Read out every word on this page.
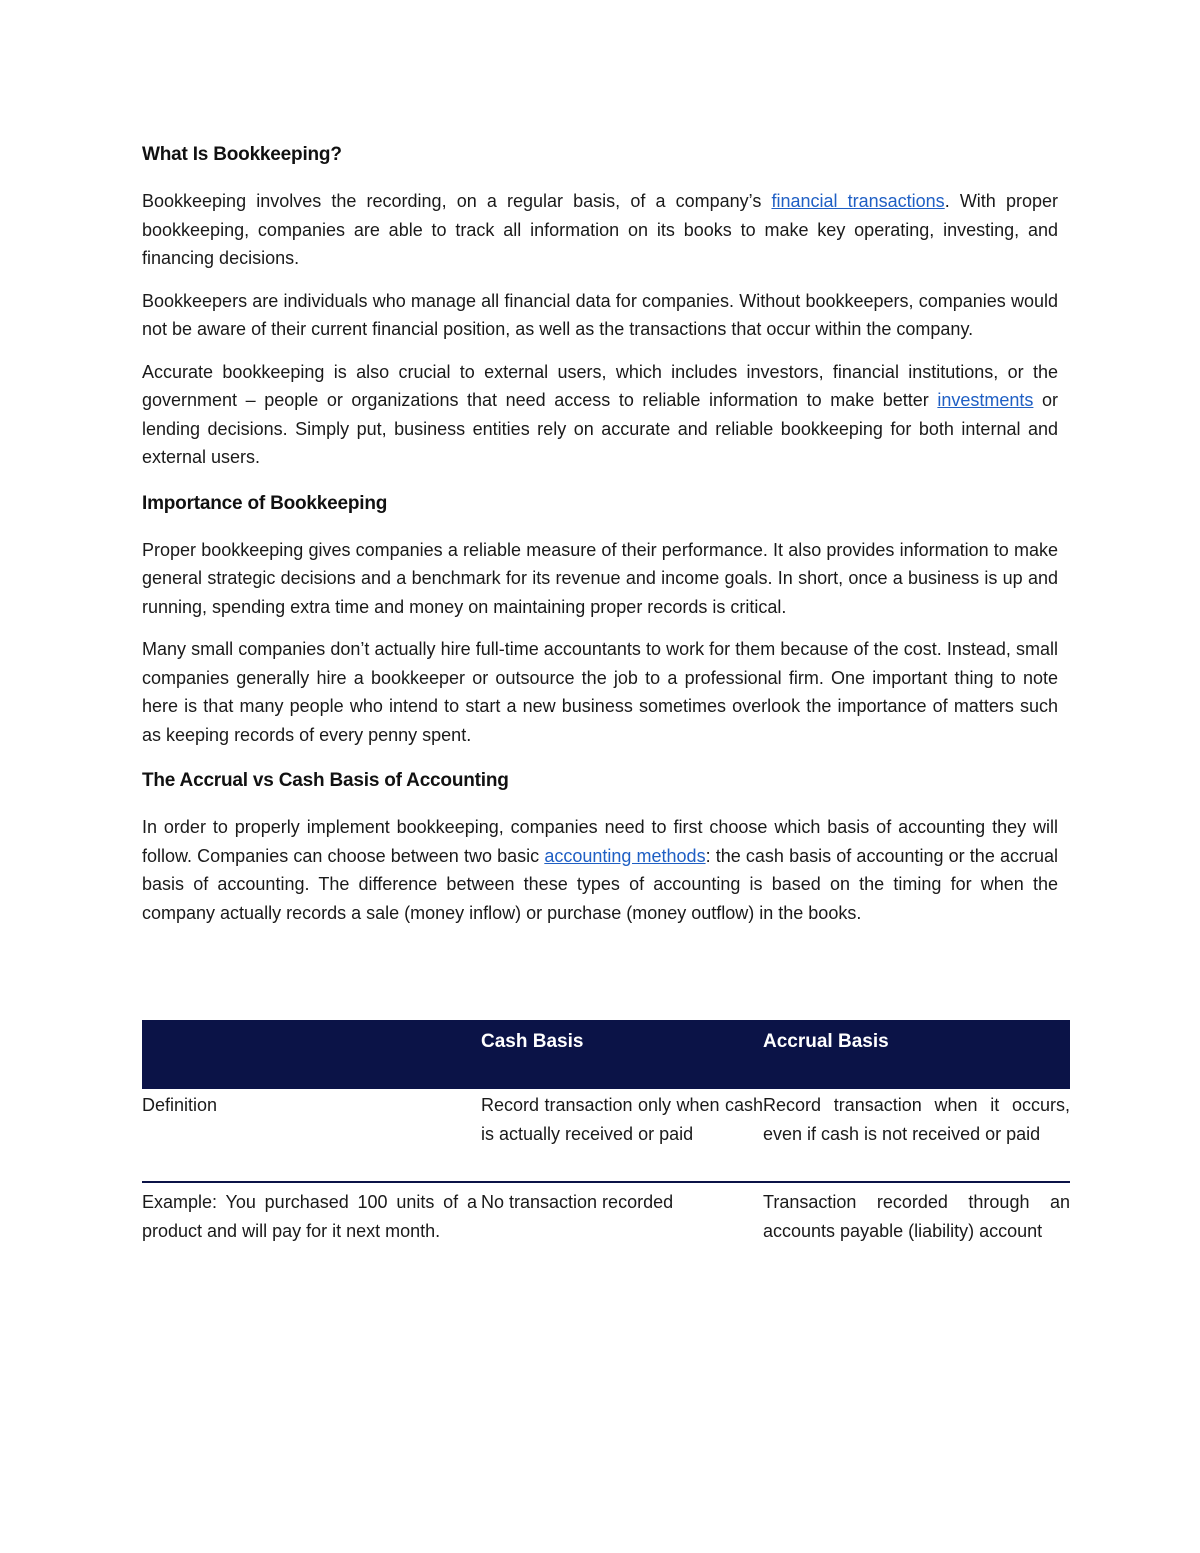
What Is Bookkeeping?

Bookkeeping involves the recording, on a regular basis, of a company’s financial transactions. With proper bookkeeping, companies are able to track all information on its books to make key operating, investing, and financing decisions.

Bookkeepers are individuals who manage all financial data for companies. Without bookkeepers, companies would not be aware of their current financial position, as well as the transactions that occur within the company.

Accurate bookkeeping is also crucial to external users, which includes investors, financial institutions, or the government – people or organizations that need access to reliable information to make better investments or lending decisions. Simply put, business entities rely on accurate and reliable bookkeeping for both internal and external users.

Importance of Bookkeeping

Proper bookkeeping gives companies a reliable measure of their performance. It also provides information to make general strategic decisions and a benchmark for its revenue and income goals. In short, once a business is up and running, spending extra time and money on maintaining proper records is critical.

Many small companies don’t actually hire full-time accountants to work for them because of the cost. Instead, small companies generally hire a bookkeeper or outsource the job to a professional firm. One important thing to note here is that many people who intend to start a new business sometimes overlook the importance of matters such as keeping records of every penny spent.

The Accrual vs Cash Basis of Accounting

In order to properly implement bookkeeping, companies need to first choose which basis of accounting they will follow. Companies can choose between two basic accounting methods: the cash basis of accounting or the accrual basis of accounting. The difference between these types of accounting is based on the timing for when the company actually records a sale (money inflow) or purchase (money outflow) in the books.

	Cash Basis	Accrual Basis
Definition	Record transaction only when cash is actually received or paid	Record transaction when it occurs, even if cash is not received or paid
Example: You purchased 100 units of a product and will pay for it next month.	No transaction recorded	Transaction recorded through an accounts payable (liability) account
